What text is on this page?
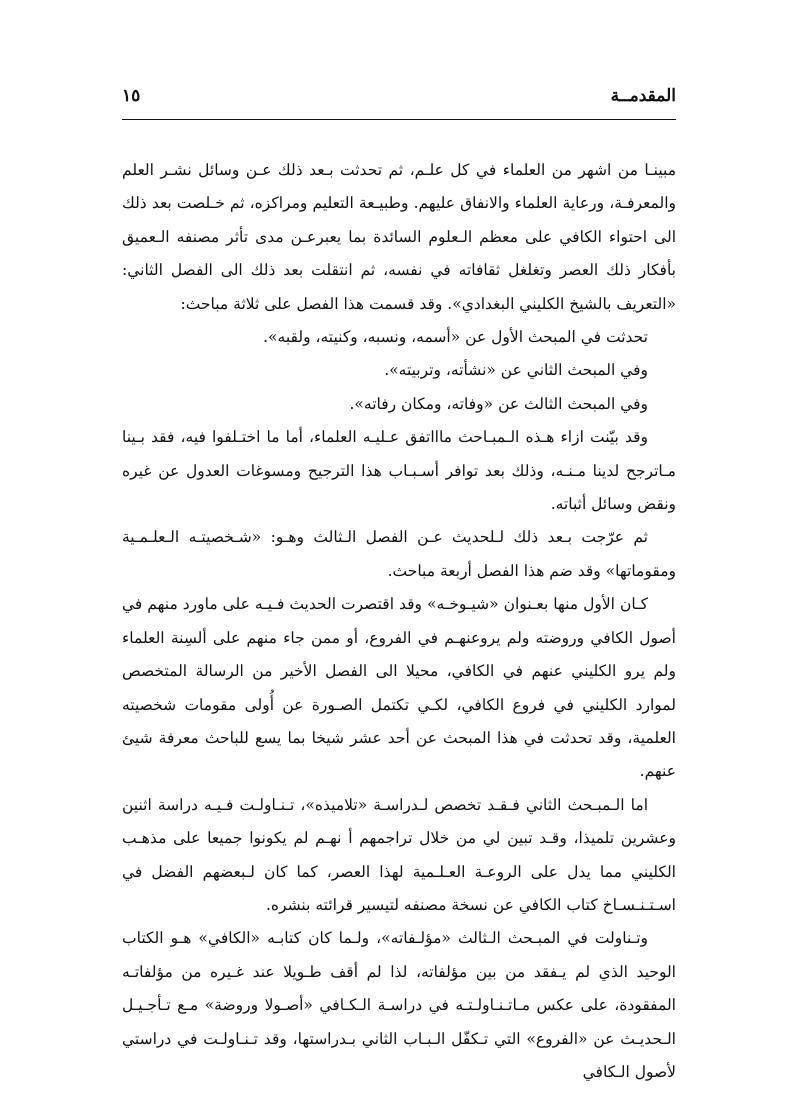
المقدمــة
١٥

مبينـا من اشهر من العلماء في كل علـم، ثم تحدثت بـعد ذلك عـن وسائل نشـر العلم والمعرفـة، ورعاية العلماء والانفاق عليهم. وطبيـعة التعليم ومراكزه، ثم خـلصت بعد ذلك الى احتواء الكافي على معظم الـعلوم السائدة بما يعبرعـن مدى تأثر مصنفه الـعميق بأفكار ذلك العصر وتغلغل ثقافاته في نفسه، ثم انتقلت بعد ذلك الى الفصل الثاني: «التعريف بالشيخ الكليني البغدادي». وقد قسمت هذا الفصل على ثلاثة مباحث:

تحدثت في المبحث الأول عن «أسمه، ونسبه، وكنيته، ولقبه».

وفي المبحث الثاني عن «نشأته، وتربيته».

وفي المبحث الثالث عن «وفاته، ومكان رفاته».

وقد بيّنت ازاء هـذه الـمبـاحث ماااتفق عـليـه العلماء، أما ما اختـلفوا فيه، فقد بـينا مـاترجح لدينا مـنـه، وذلك بعد توافر أسـبـاب هذا الترجيح ومسوغات العدول عن غيره ونقض وسائل أثباته.

ثم عرّجت بـعد ذلك لـلحديث عـن الفصل الـثالث وهـو: «شـخصيتـه الـعلـمـية ومقوماتها» وقد ضم هذا الفصل أربعة مباحث.

كـان الأول منها بعـنوان «شيـوخـه» وقد اقتصرت الحديث فـيـه على ماورد منهم في أصول الكافي وروضته ولم يروعنهـم في الفروع، أو ممن جاء منهم على ألسِنة العلماء ولم يرو الكليني عنهم في الكافي، محيلا الى الفصل الأخير من الرسالة المتخصص لموارد الكليني في فروع الكافي، لكـي تكتمل الصـورة عن أُولى مقومات شخصيته العلمية، وقد تحدثت في هذا المبحث عن أحد عشر شيخا بما يسع للباحث معرفة شيئ عنهم.

اما الـمبـحث الثاني فـقـد تخصص لـدراسـة «تلاميذه»، تـنـاولـت فـيـه دراسة اثنين وعشرين تلميذا، وقـد تبين لي من خلال تراجمهم أ نهـم لم يكونوا جميعا على مذهـب الكليني مما يدل على الروعـة العـلـمية لهذا العصر، كما كان لـبعضهم الفضل في اسـتـنـسـاخ كتاب الكافي عن نسخة مصنفه لتيسير قرائته بنشره.

وتـناولت في المبـحث الـثالث «مؤلـفاته»، ولـما كان كتابـه «الكافي» هـو الكتاب الوحيد الذي لم يـفقد من بين مؤلفاته، لذا لم أقف طـويلا عند غـيره من مؤلفاتـه المفقودة، على عكس مـاتـنـاولـتـه في دراسـة الـكـافي «أصـولا وروضة» مـع تـأجـيـل الـحديـث عن «الفروع» التي تـكفّل الـبـاب الثاني بـدراستها، وقد تـنـاولـت في دراستي لأصول الـكافي
